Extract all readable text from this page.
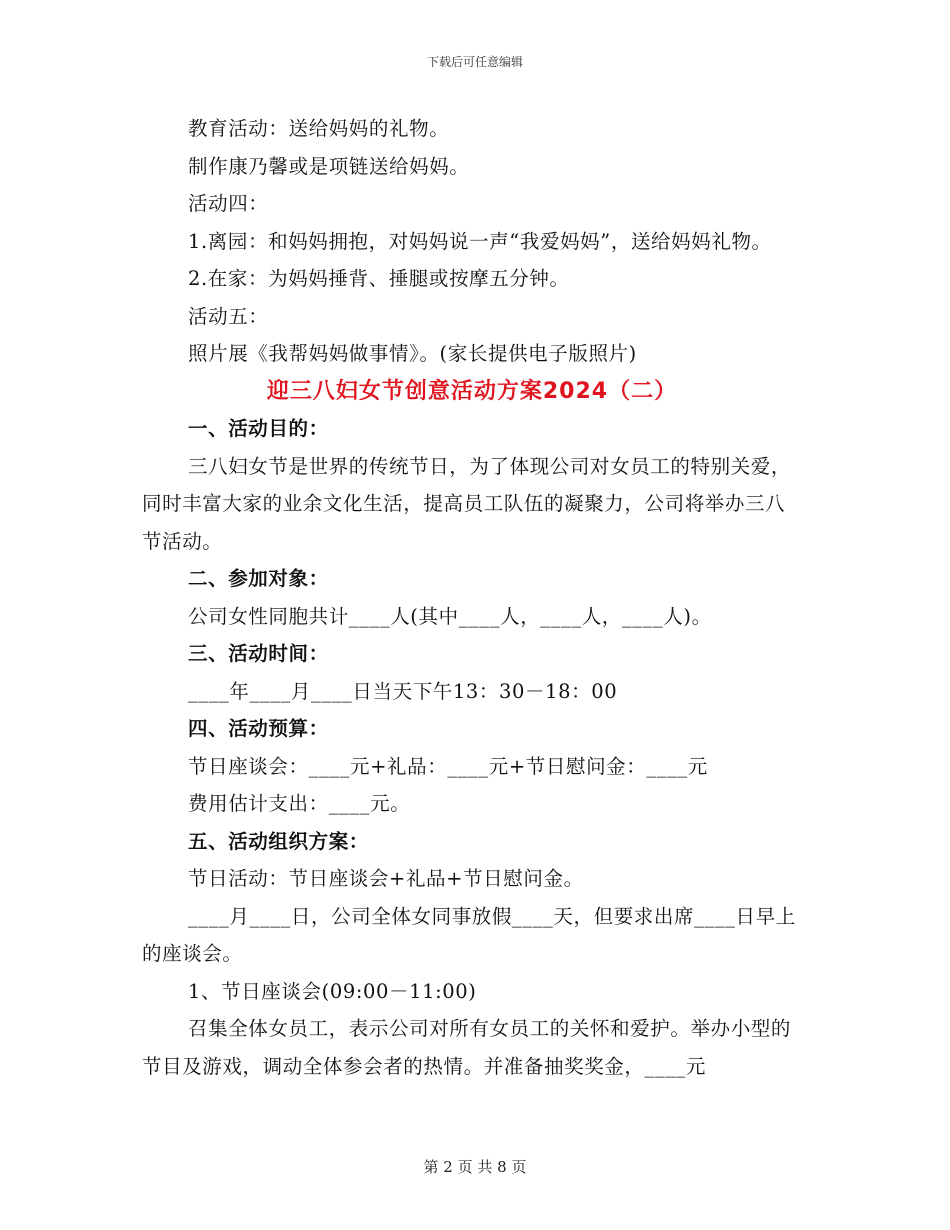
下载后可任意编辑

教育活动：送给妈妈的礼物。

制作康乃馨或是项链送给妈妈。

活动四：

1.离园：和妈妈拥抱，对妈妈说一声“我爱妈妈”，送给妈妈礼物。

2.在家：为妈妈捶背、捶腿或按摩五分钟。

活动五：

照片展《我帮妈妈做事情》。(家长提供电子版照片)

迎三八妇女节创意活动方案2024（二）

一、活动目的：

三八妇女节是世界的传统节日，为了体现公司对女员工的特别关爱，同时丰富大家的业余文化生活，提高员工队伍的凝聚力，公司将举办三八节活动。

二、参加对象：

公司女性同胞共计____人(其中____人，____人，____人)。

三、活动时间：

____年____月____日当天下午13：30－18：00

四、活动预算：

节日座谈会：____元+礼品：____元+节日慰问金：____元

费用估计支出：____元。

五、活动组织方案：

节日活动：节日座谈会+礼品+节日慰问金。

____月____日，公司全体女同事放假____天，但要求出席____日早上的座谈会。

1、节日座谈会(09:00－11:00)

召集全体女员工，表示公司对所有女员工的关怀和爱护。举办小型的节目及游戏，调动全体参会者的热情。并准备抽奖奖金，____元

第 2 页 共 8 页
